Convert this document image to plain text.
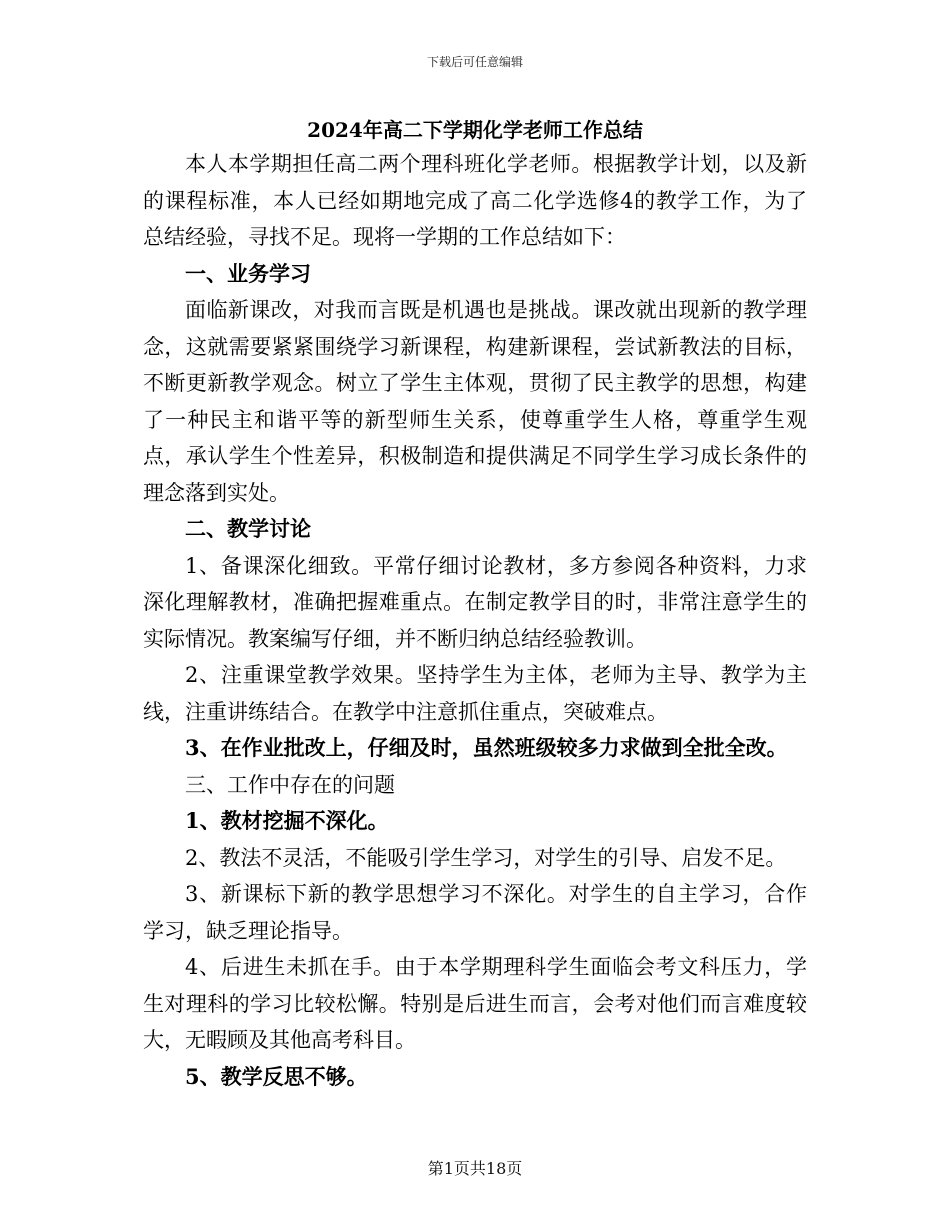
下载后可任意编辑
2024年高二下学期化学老师工作总结

本人本学期担任高二两个理科班化学老师。根据教学计划，以及新的课程标准，本人已经如期地完成了高二化学选修4的教学工作，为了总结经验，寻找不足。现将一学期的工作总结如下：

一、业务学习

面临新课改，对我而言既是机遇也是挑战。课改就出现新的教学理念，这就需要紧紧围绕学习新课程，构建新课程，尝试新教法的目标，不断更新教学观念。树立了学生主体观，贯彻了民主教学的思想，构建了一种民主和谐平等的新型师生关系，使尊重学生人格，尊重学生观点，承认学生个性差异，积极制造和提供满足不同学生学习成长条件的理念落到实处。

二、教学讨论

1、备课深化细致。平常仔细讨论教材，多方参阅各种资料，力求深化理解教材，准确把握难重点。在制定教学目的时，非常注意学生的实际情况。教案编写仔细，并不断归纳总结经验教训。

2、注重课堂教学效果。坚持学生为主体，老师为主导、教学为主线，注重讲练结合。在教学中注意抓住重点，突破难点。

3、在作业批改上，仔细及时，虽然班级较多力求做到全批全改。

三、工作中存在的问题

1、教材挖掘不深化。

2、教法不灵活，不能吸引学生学习，对学生的引导、启发不足。

3、新课标下新的教学思想学习不深化。对学生的自主学习，合作学习，缺乏理论指导。

4、后进生未抓在手。由于本学期理科学生面临会考文科压力，学生对理科的学习比较松懈。特别是后进生而言，会考对他们而言难度较大，无暇顾及其他高考科目。

5、教学反思不够。

第1页共18页
